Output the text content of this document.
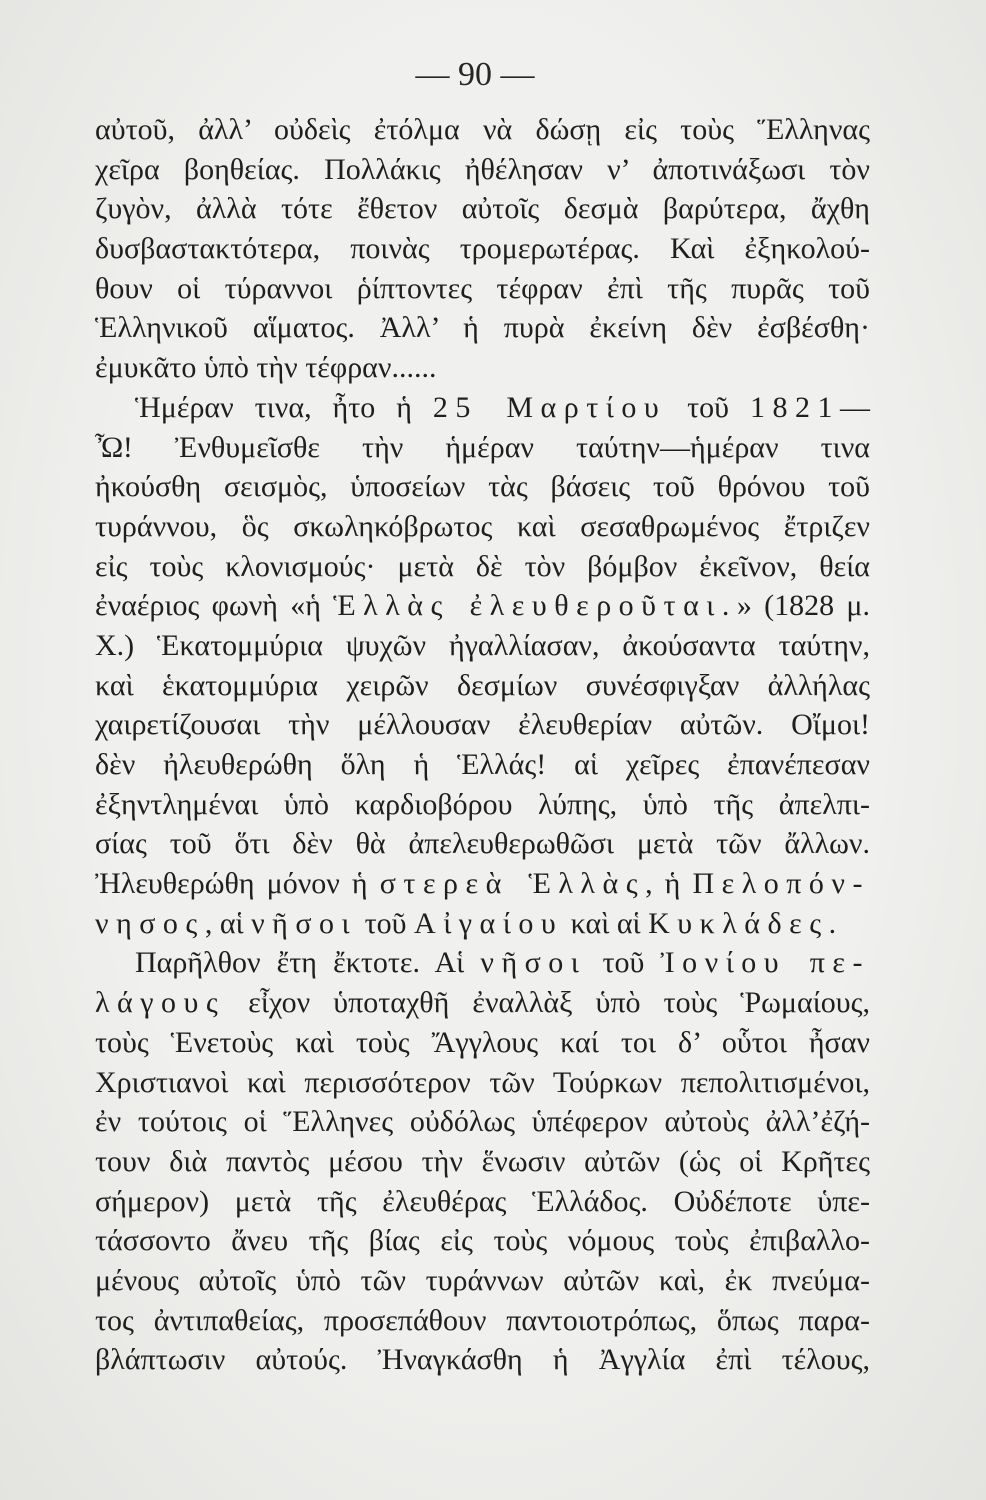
— 90 —
αὐτοῦ, ἀλλ’ οὐδεὶς ἐτόλμα νὰ δώσῃ εἰς τοὺς Ἕλληνας
χεῖρα βοηθείας. Πολλάκις ἠθέλησαν ν’ ἀποτινάξωσι τὸν
ζυγὸν, ἀλλὰ τότε ἔθετον αὐτοῖς δεσμὰ βαρύτερα, ἄχθη
δυσβαστακτότερα, ποινὰς τρομερωτέρας. Καὶ ἐξηκολού-
θουν οἱ τύραννοι ῥίπτοντες τέφραν ἐπὶ τῆς πυρᾶς τοῦ
Ἑλληνικοῦ αἵματος. Ἀλλ’ ἡ πυρὰ ἐκείνη δὲν ἐσβέσθη·
ἐμυκᾶτο ὑπὸ τὴν τέφραν......
Ἡμέραν τινα, ἦτο ἡ 25 Μαρτίου τοῦ 1821—
Ὦ! Ἐνθυμεῖσθε τὴν ἡμέραν ταύτην—ἡμέραν τινα
ἠκούσθη σεισμὸς, ὑποσείων τὰς βάσεις τοῦ θρόνου τοῦ
τυράννου, ὃς σκωληκόβρωτος καὶ σεσαθρωμένος ἔτριζεν
εἰς τοὺς κλονισμούς· μετὰ δὲ τὸν βόμβον ἐκεῖνον, θεία
ἐναέριος φωνὴ «ἡ Ἑλλὰς ἐλευθεροῦται.» (1828 μ.
Χ.) Ἑκατομμύρια ψυχῶν ἠγαλλίασαν, ἀκούσαντα ταύτην,
καὶ ἑκατομμύρια χειρῶν δεσμίων συνέσφιγξαν ἀλλήλας
χαιρετίζουσαι τὴν μέλλουσαν ἐλευθερίαν αὐτῶν. Οἴμοι!
δὲν ἠλευθερώθη ὅλη ἡ Ἑλλάς! αἱ χεῖρες ἐπανέπεσαν
ἐξηντλημέναι ὑπὸ καρδιοβόρου λύπης, ὑπὸ τῆς ἀπελπι-
σίας τοῦ ὅτι δὲν θὰ ἀπελευθερωθῶσι μετὰ τῶν ἄλλων.
Ἠλευθερώθη μόνον ἡ στερεὰ Ἑλλὰς, ἡ Πελοπόν-
νησος, αἱ νῆσοι τοῦ Αἰγαίου καὶ αἱ Κυκλάδες.
Παρῆλθον ἔτη ἔκτοτε. Αἱ νῆσοι τοῦ Ἰονίου πε-
λάγους εἶχον ὑποταχθῆ ἐναλλὰξ ὑπὸ τοὺς Ῥωμαίους,
τοὺς Ἑνετοὺς καὶ τοὺς Ἄγγλους καί τοι δ’ οὗτοι ἦσαν
Χριστιανοὶ καὶ περισσότερον τῶν Τούρκων πεπολιτισμένοι,
ἐν τούτοις οἱ Ἕλληνες οὐδόλως ὑπέφερον αὐτοὺς ἀλλ’ἐζή-
τουν διὰ παντὸς μέσου τὴν ἕνωσιν αὐτῶν (ὡς οἱ Κρῆτες
σήμερον) μετὰ τῆς ἐλευθέρας Ἑλλάδος. Οὐδέποτε ὑπε-
τάσσοντο ἄνευ τῆς βίας εἰς τοὺς νόμους τοὺς ἐπιβαλλο-
μένους αὐτοῖς ὑπὸ τῶν τυράννων αὐτῶν καὶ, ἐκ πνεύμα-
τος ἀντιπαθείας, προσεπάθουν παντοιοτρόπως, ὅπως παρα-
βλάπτωσιν αὐτούς. Ἠναγκάσθη ἡ Ἀγγλία ἐπὶ τέλους,
